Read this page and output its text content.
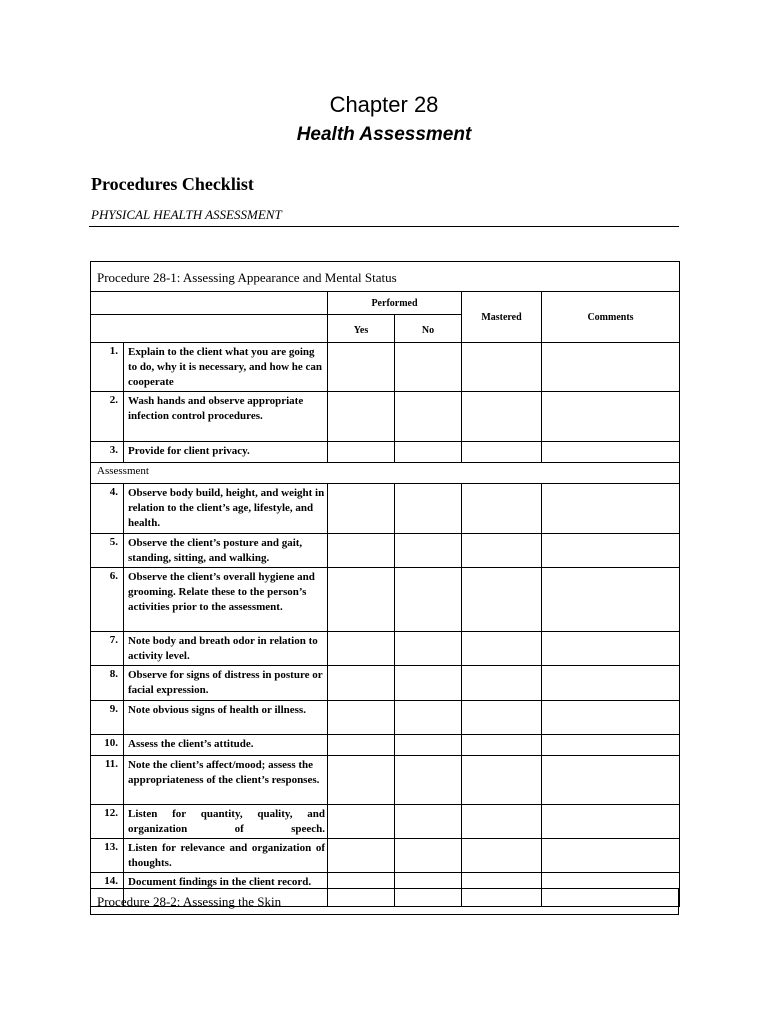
Chapter 28
Health Assessment
Procedures Checklist
PHYSICAL HEALTH ASSESSMENT
Procedure 28-1: Assessing Appearance and Mental Status					
		Performed		Mastered	Comments
		Yes	No		
1.	Explain to the client what you are going to do, why it is necessary, and how he can cooperate				
2.	Wash hands and observe appropriate infection control procedures.				
3.	Provide for client privacy.				
Assessment					
4.	Observe body build, height, and weight in relation to the client’s age, lifestyle, and health.				
5.	Observe the client’s posture and gait, standing, sitting, and walking.				
6.	Observe the client’s overall hygiene and grooming. Relate these to the person’s activities prior to the assessment.				
7.	Note body and breath odor in relation to activity level.				
8.	Observe for signs of distress in posture or facial expression.				
9.	Note obvious signs of health or illness.				
10.	Assess the client’s attitude.				
11.	Note the client’s affect/mood; assess the appropriateness of the client’s responses.				
12.	Listen for quantity, quality, and organization of speech.				
13.	Listen for relevance and organization of thoughts.				
14.	Document findings in the client record.				
Procedure 28-2: Assessing the Skin
